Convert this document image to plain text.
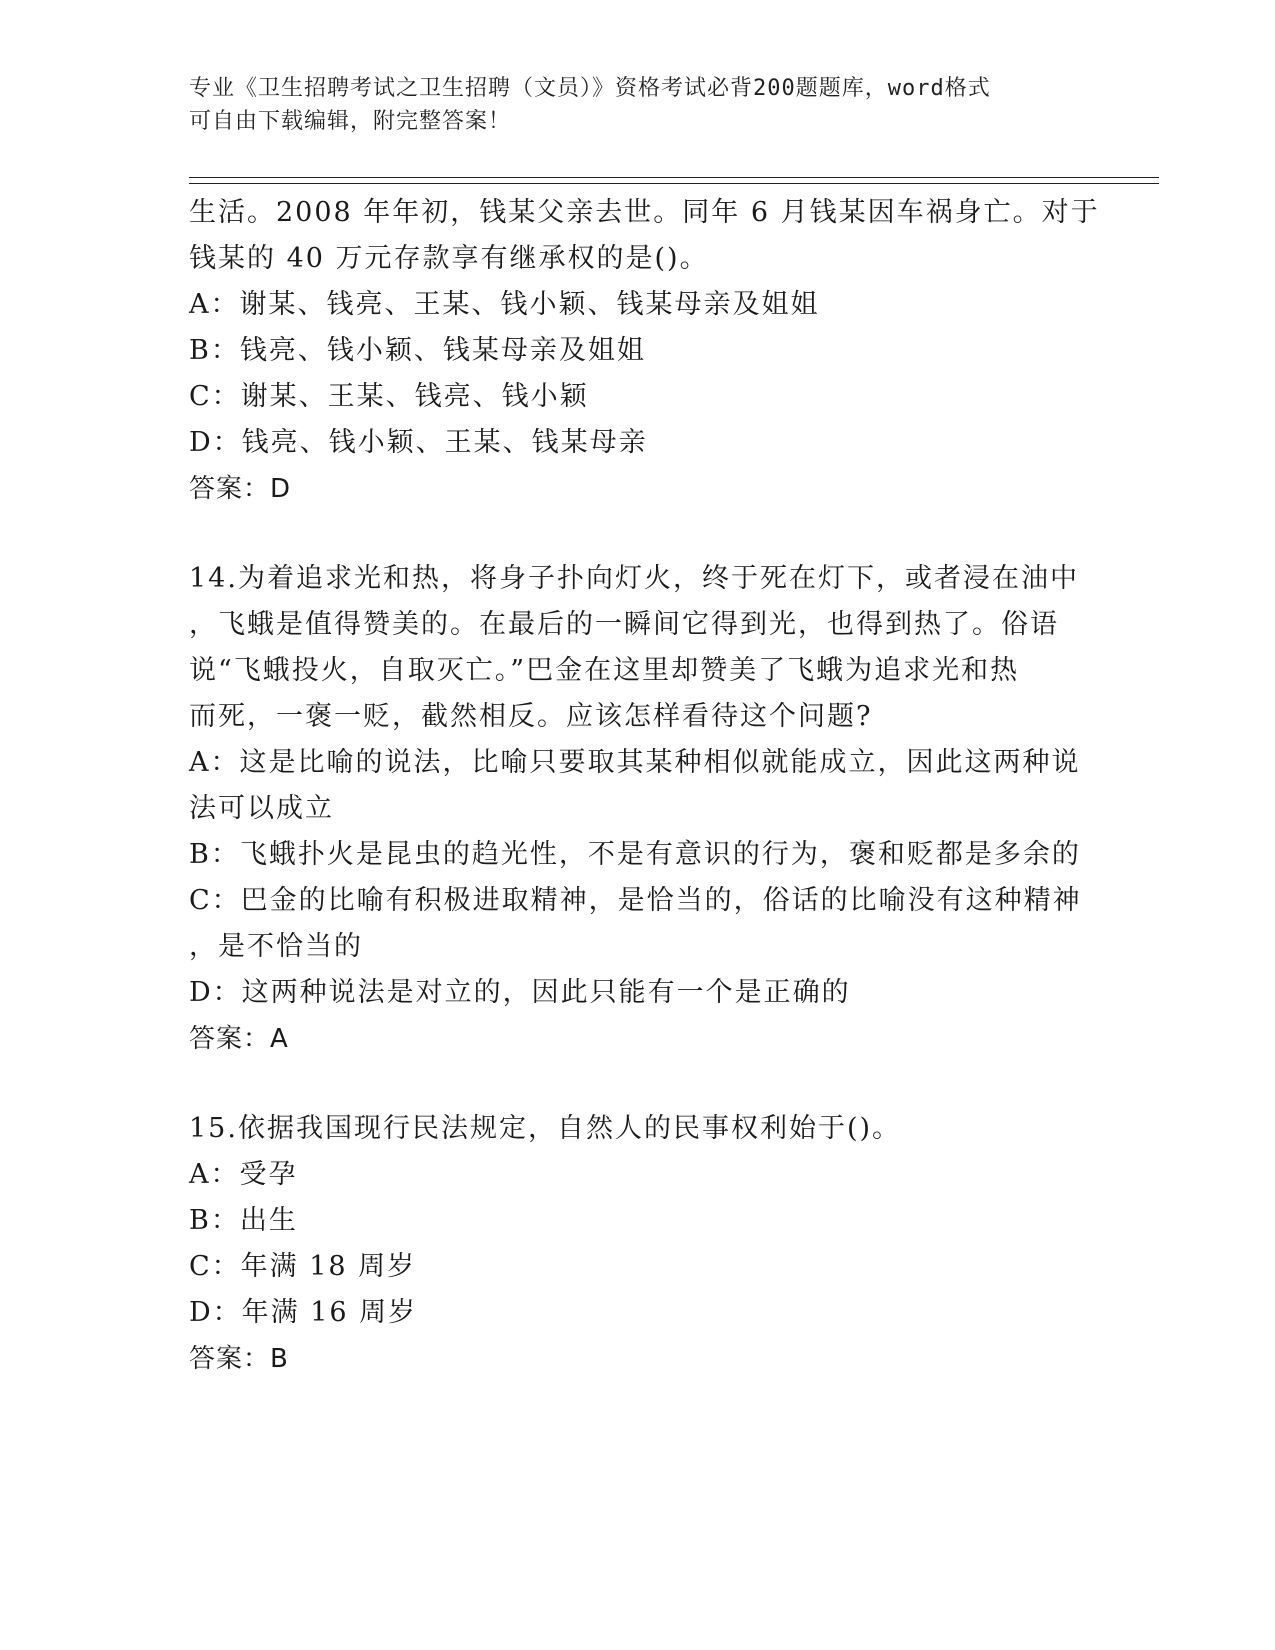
专业《卫生招聘考试之卫生招聘（文员）》资格考试必背200题题库，word格式
可自由下载编辑，附完整答案！
生活。2008 年年初，钱某父亲去世。同年 6 月钱某因车祸身亡。对于
钱某的 40 万元存款享有继承权的是()。
A：谢某、钱亮、王某、钱小颖、钱某母亲及姐姐
B：钱亮、钱小颖、钱某母亲及姐姐
C：谢某、王某、钱亮、钱小颖
D：钱亮、钱小颖、王某、钱某母亲
答案：D
14.为着追求光和热，将身子扑向灯火，终于死在灯下，或者浸在油中
，飞蛾是值得赞美的。在最后的一瞬间它得到光，也得到热了。俗语
说“飞蛾投火，自取灭亡。”巴金在这里却赞美了飞蛾为追求光和热
而死，一褒一贬，截然相反。应该怎样看待这个问题?
A：这是比喻的说法，比喻只要取其某种相似就能成立，因此这两种说
法可以成立
B：飞蛾扑火是昆虫的趋光性，不是有意识的行为，褒和贬都是多余的
C：巴金的比喻有积极进取精神，是恰当的，俗话的比喻没有这种精神
，是不恰当的
D：这两种说法是对立的，因此只能有一个是正确的
答案：A
15.依据我国现行民法规定，自然人的民事权利始于()。
A：受孕
B：出生
C：年满 18 周岁
D：年满 16 周岁
答案：B
